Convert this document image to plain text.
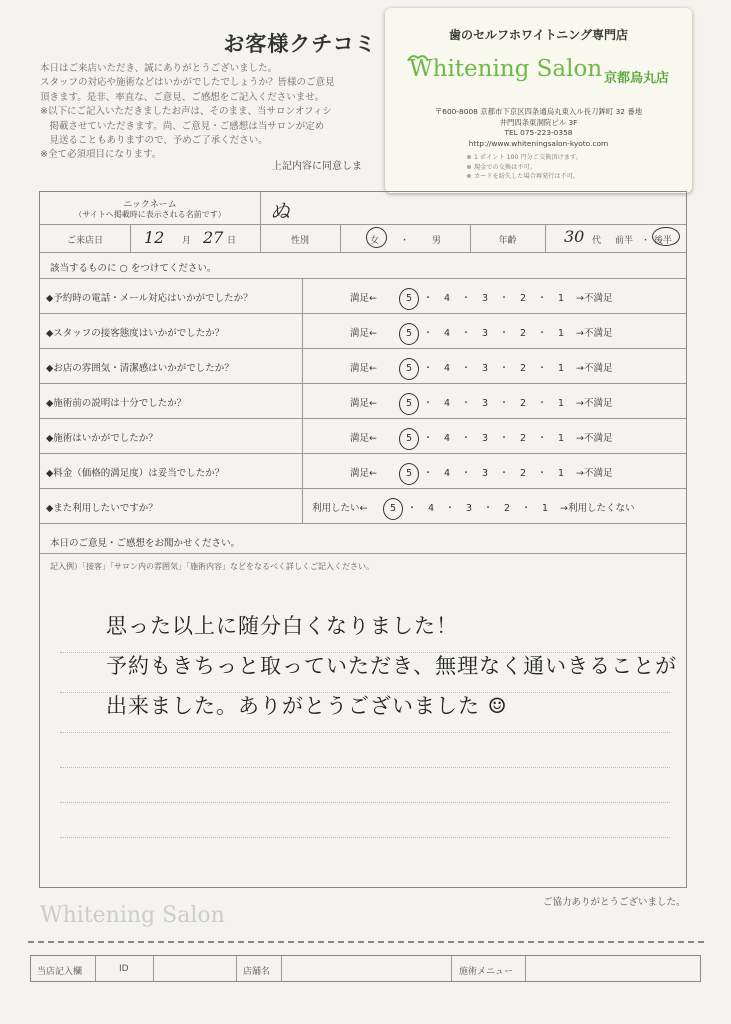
お客様クチコミ
本日はご来店いただき、誠にありがとうございました。
スタッフの対応や施術などはいかがでしたでしょうか？皆様のご意見
頂きます。是非、率直な、ご意見、ご感想をご記入くださいませ。
※以下にご記入いただきましたお声は、そのまま、当サロンオフィシ
　掲載させていただきます。尚、ご意見・ご感想は当サロンが定め
　見送ることもありますので、予めご了承ください。
※全て必須項目になります。
上記内容に同意しま
歯のセルフホワイトニング専門店
Whitening Salon 京都烏丸店
〒600-8008 京都市下京区四条通烏丸東入ル長刀鉾町 32 番地
井門四条東洞院ビル 3F
TEL 075-223-0358
http://www.whiteningsalon-kyoto.com
1 ポイント 100 円分ご交換頂けます。
現金での交換は不可。
カードを紛失した場合再発行は不可。
ニックネーム
（サイトへ掲載時に表示される名前です）	ぬ
ご来店日	12 月 27 日	性別	女 ・	男	年齢	30 代 前半 ・ 後半
該当するものに ○ をつけてください。
◆予約時の電話・メール対応はいかがでしたか？	満足←	5 ・ 4 ・ 3 ・ 2 ・ 1 →不満足
◆スタッフの接客態度はいかがでしたか？	満足←	5 ・ 4 ・ 3 ・ 2 ・ 1 →不満足
◆お店の雰囲気・清潔感はいかがでしたか？	満足←	5 ・ 4 ・ 3 ・ 2 ・ 1 →不満足
◆施術前の説明は十分でしたか？	満足←	5 ・ 4 ・ 3 ・ 2 ・ 1 →不満足
◆施術はいかがでしたか？	満足←	5 ・ 4 ・ 3 ・ 2 ・ 1 →不満足
◆料金（価格的満足度）は妥当でしたか？	満足←	5 ・ 4 ・ 3 ・ 2 ・ 1 →不満足
◆また利用したいですか？	利用したい← 5 ・ 4 ・ 3 ・ 2 ・ 1 →利用したくない
本日のご意見・ご感想をお聞かせください。
記入例）「接客」「サロン内の雰囲気」「施術内容」などをなるべく詳しくご記入ください。
思った以上に随分白くなりました！
予約もきちっと取っていただき、無理なく通いきることが
出来ました。ありがとうございました ☺
ご協力ありがとうございました。
Whitening Salon
当店記入欄	ID	店舗名	施術メニュー
